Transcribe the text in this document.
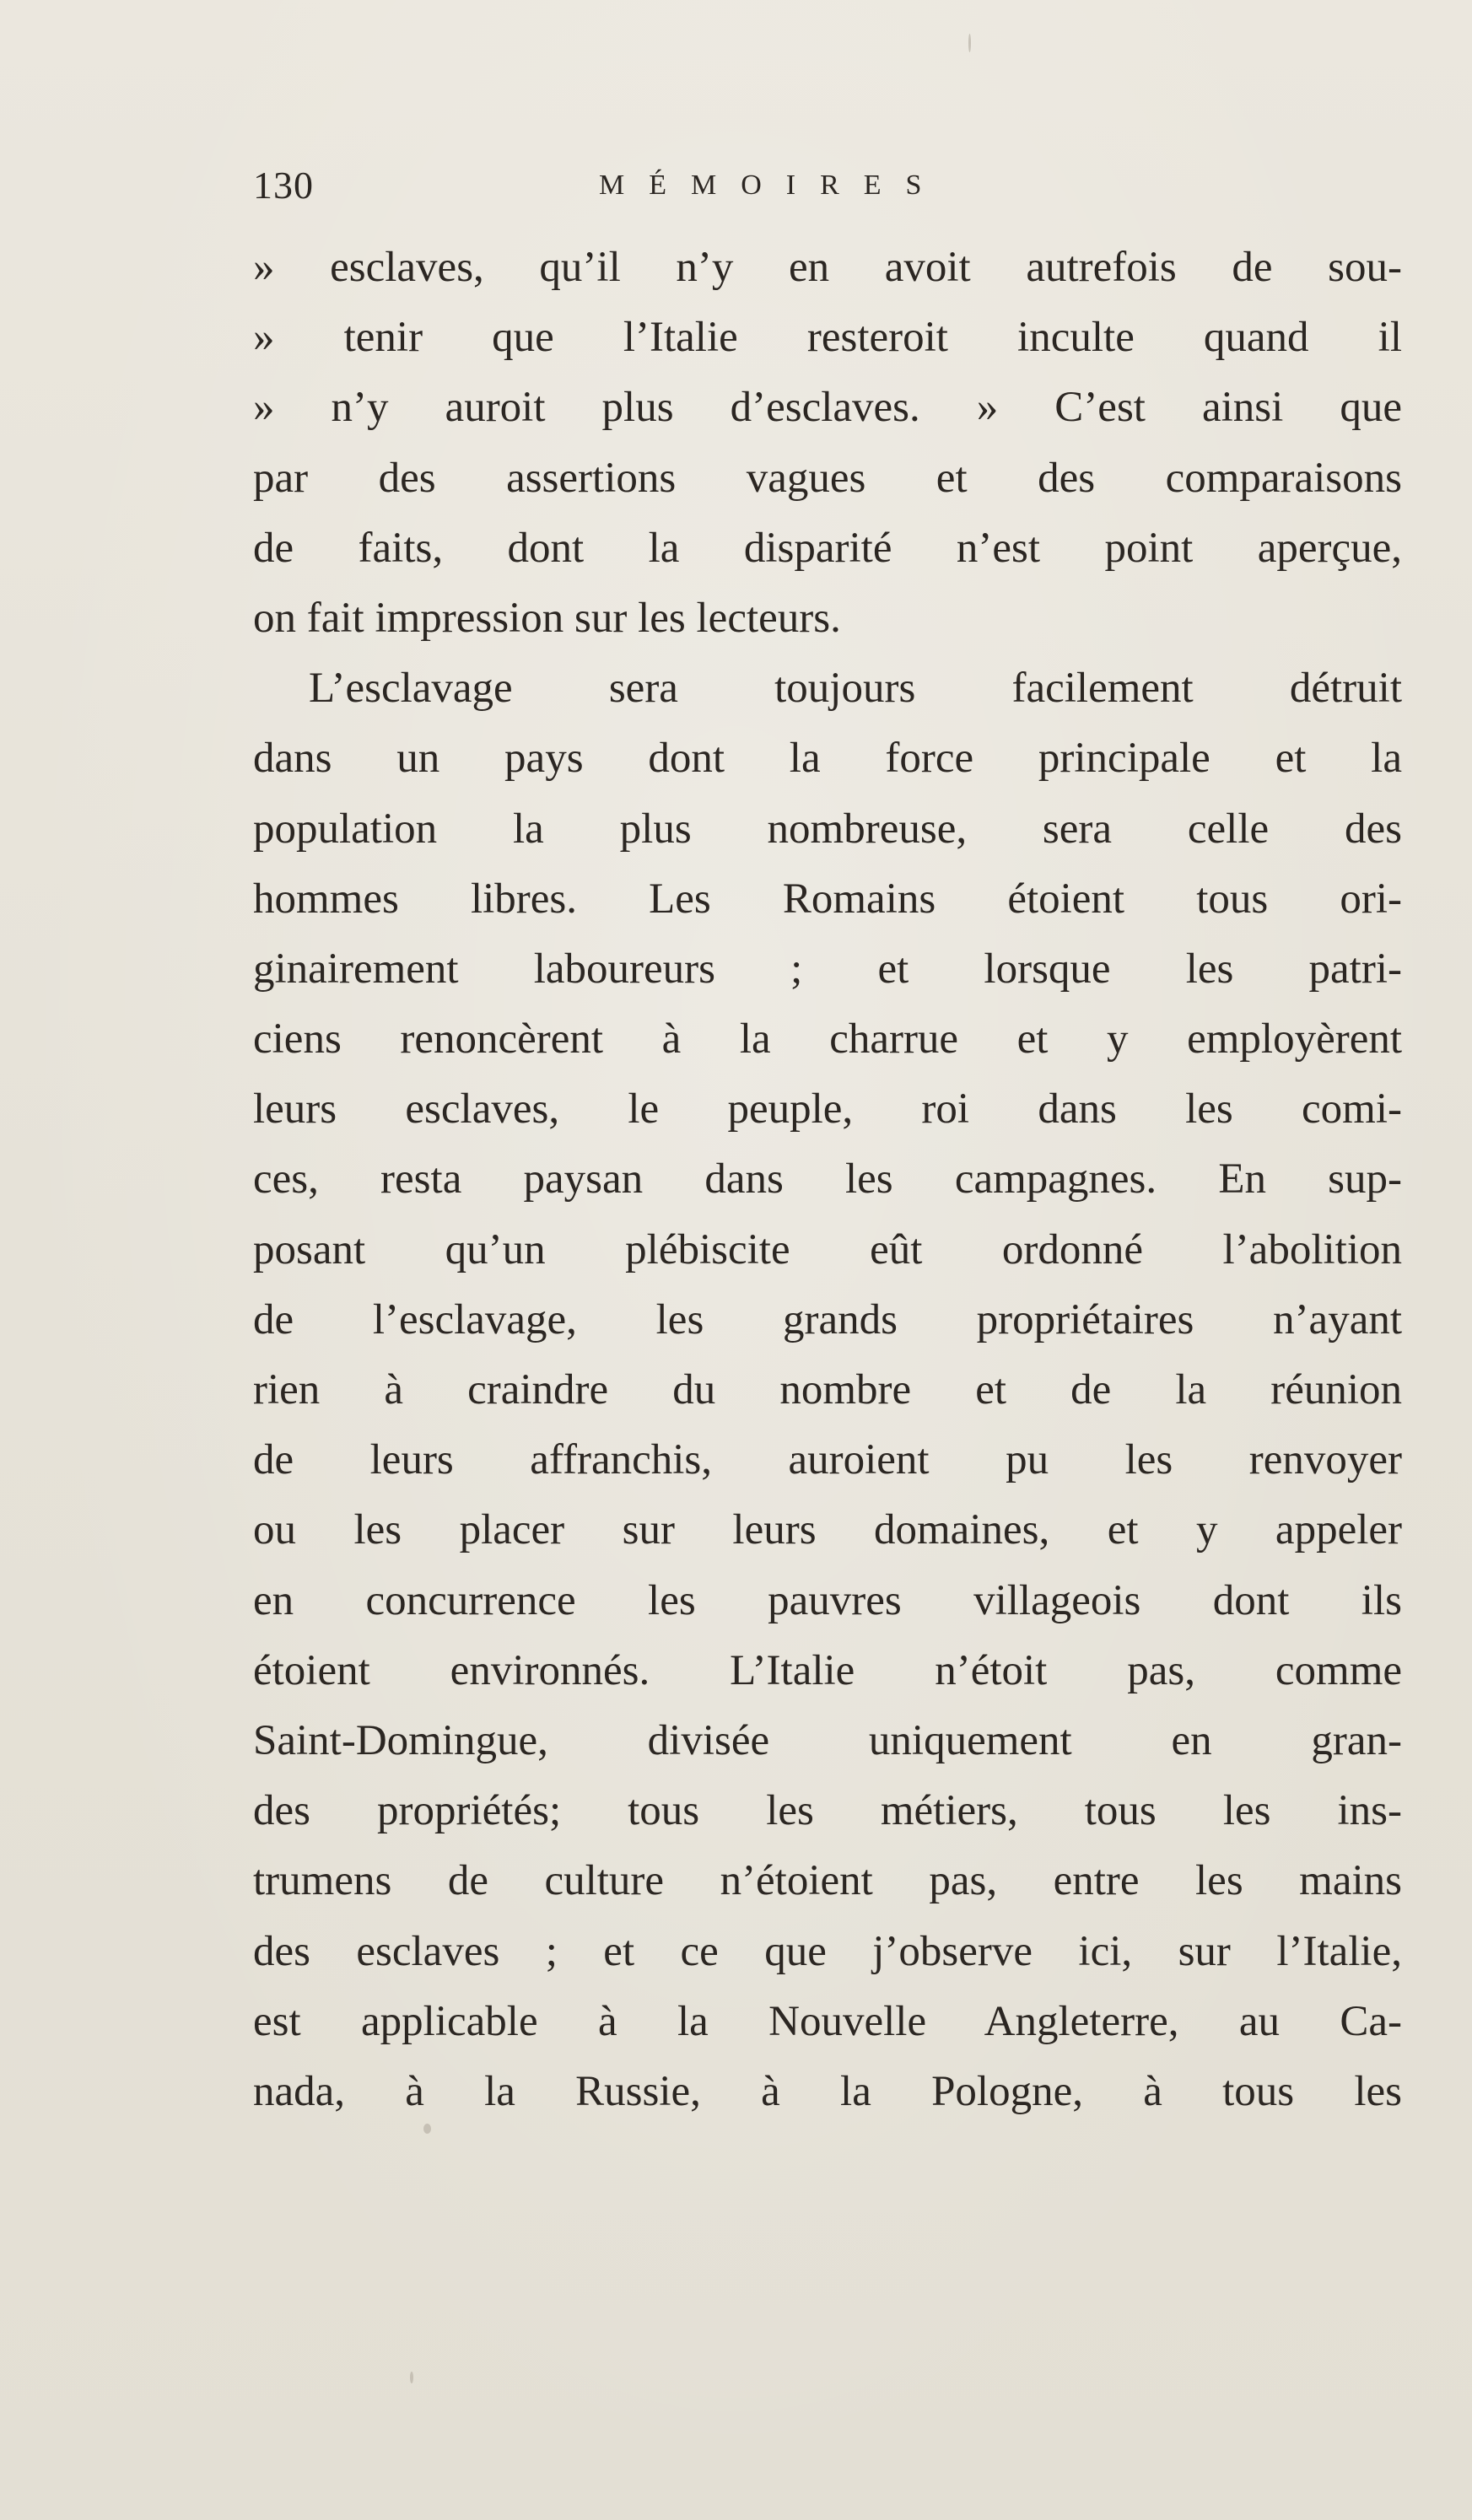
130	MÉMOIRES
» esclaves, qu’il n’y en avoit autrefois de sou-
» tenir que l’Italie resteroit inculte quand il
» n’y auroit plus d’esclaves. » C’est ainsi que
par des assertions vagues et des comparaisons
de faits, dont la disparité n’est point aperçue,
on fait impression sur les lecteurs.
L’esclavage sera toujours facilement détruit
dans un pays dont la force principale et la
population la plus nombreuse, sera celle des
hommes libres. Les Romains étoient tous ori-
ginairement laboureurs ; et lorsque les patri-
ciens renoncèrent à la charrue et y employèrent
leurs esclaves, le peuple, roi dans les comi-
ces, resta paysan dans les campagnes. En sup-
posant qu’un plébiscite eût ordonné l’abolition
de l’esclavage, les grands propriétaires n’ayant
rien à craindre du nombre et de la réunion
de leurs affranchis, auroient pu les renvoyer
ou les placer sur leurs domaines, et y appeler
en concurrence les pauvres villageois dont ils
étoient environnés. L’Italie n’étoit pas, comme
Saint-Domingue, divisée uniquement en gran-
des propriétés; tous les métiers, tous les ins-
trumens de culture n’étoient pas, entre les mains
des esclaves ; et ce que j’observe ici, sur l’Italie,
est applicable à la Nouvelle Angleterre, au Ca-
nada, à la Russie, à la Pologne, à tous les
